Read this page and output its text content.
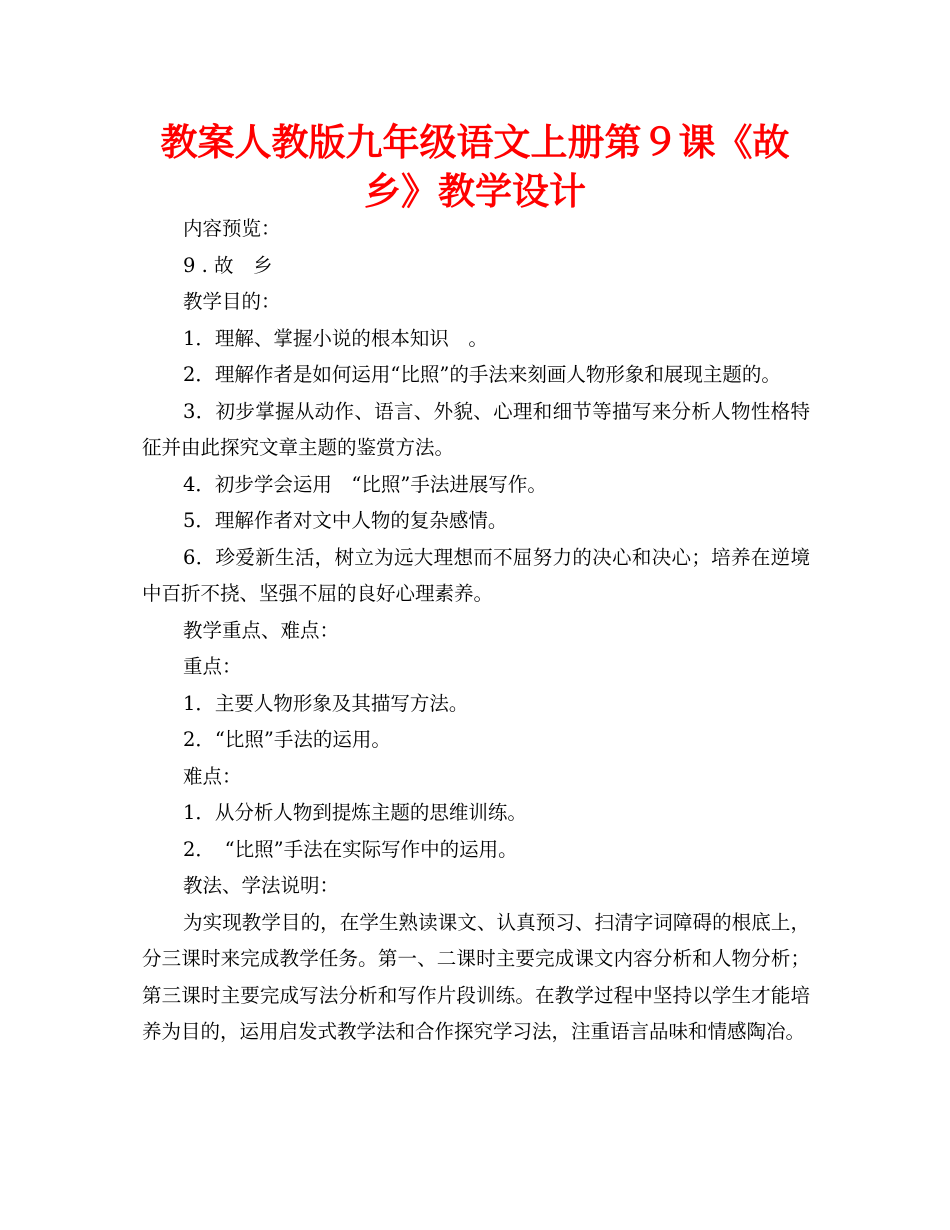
教案人教版九年级语文上册第９课《故乡》教学设计

内容预览：

9 . 故　乡

教学目的：

1．理解、掌握小说的根本知识　。

2．理解作者是如何运用“比照”的手法来刻画人物形象和展现主题的。

3．初步掌握从动作、语言、外貌、心理和细节等描写来分析人物性格特征并由此探究文章主题的鉴赏方法。

4．初步学会运用　“比照”手法进展写作。

5．理解作者对文中人物的复杂感情。

6．珍爱新生活，树立为远大理想而不屈努力的决心和决心；培养在逆境中百折不挠、坚强不屈的良好心理素养。

教学重点、难点：

重点：

1．主要人物形象及其描写方法。

2．“比照”手法的运用。

难点：

1．从分析人物到提炼主题的思维训练。

2．　“比照”手法在实际写作中的运用。

教法、学法说明：

为实现教学目的，在学生熟读课文、认真预习、扫清字词障碍的根底上，分三课时来完成教学任务。第一、二课时主要完成课文内容分析和人物分析；第三课时主要完成写法分析和写作片段训练。在教学过程中坚持以学生才能培养为目的，运用启发式教学法和合作探究学习法，注重语言品味和情感陶冶。
